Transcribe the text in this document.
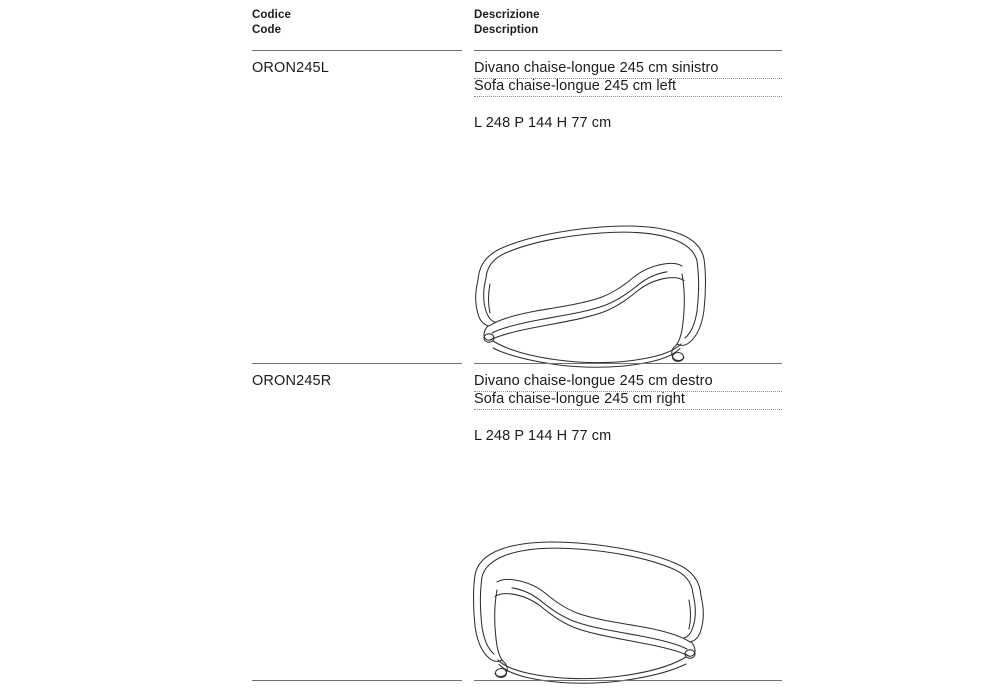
Codice
Code
Descrizione
Description
ORON245L	Divano chaise-longue 245 cm sinistro
Sofa chaise-longue 245 cm left
L 248 P 144 H 77 cm
ORON245R	Divano chaise-longue 245 cm destro
Sofa chaise-longue 245 cm right
L 248 P 144 H 77 cm
